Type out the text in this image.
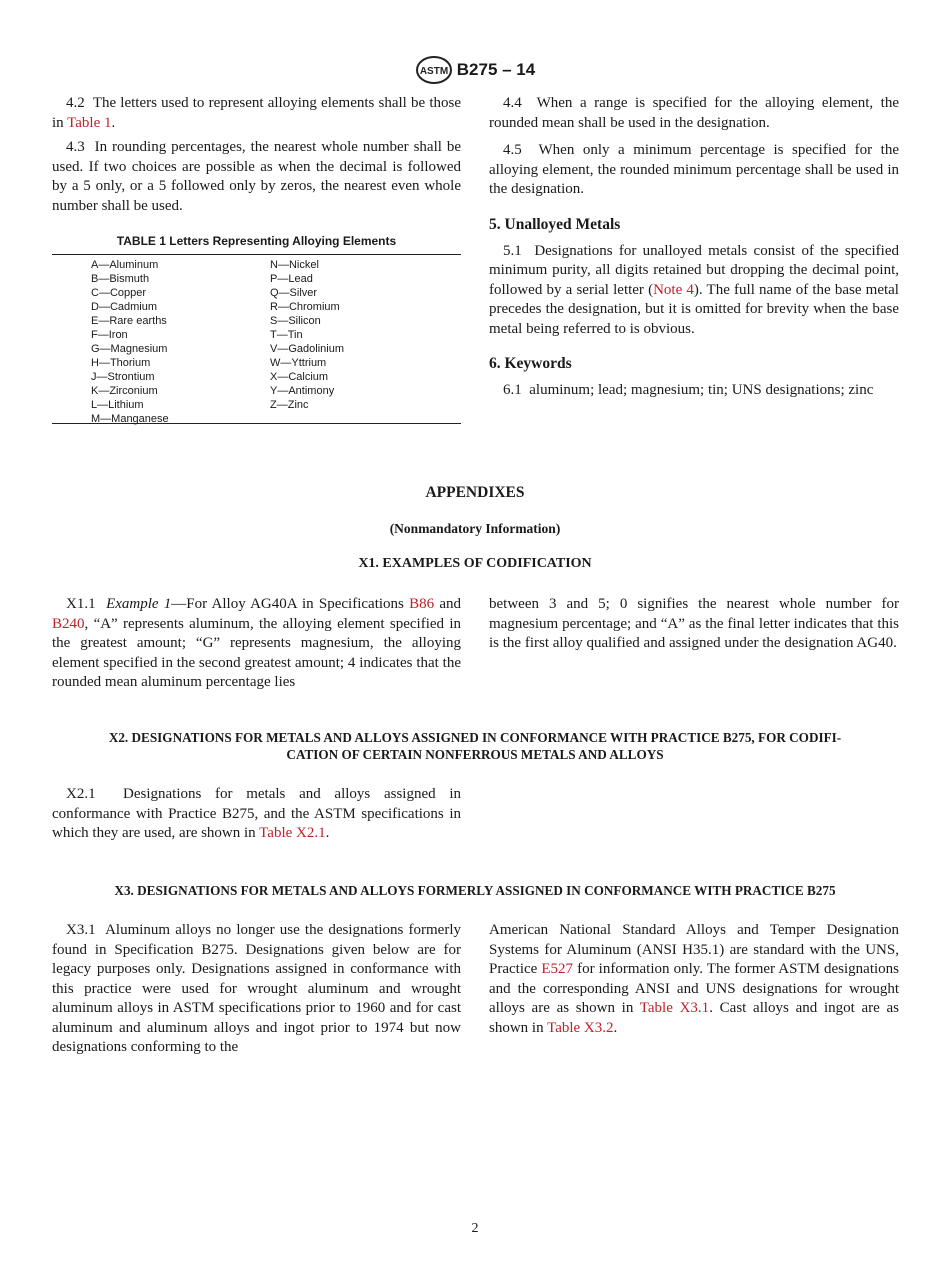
ASTM B275 – 14

4.2 The letters used to represent alloying elements shall be those in Table 1.

4.3 In rounding percentages, the nearest whole number shall be used. If two choices are possible as when the decimal is followed by a 5 only, or a 5 followed only by zeros, the nearest even whole number shall be used.

TABLE 1 Letters Representing Alloying Elements
A—Aluminum
B—Bismuth
C—Copper
D—Cadmium
E—Rare earths
F—Iron
G—Magnesium
H—Thorium
J—Strontium
K—Zirconium
L—Lithium
M—Manganese
N—Nickel
P—Lead
Q—Silver
R—Chromium
S—Silicon
T—Tin
V—Gadolinium
W—Yttrium
X—Calcium
Y—Antimony
Z—Zinc

4.4 When a range is specified for the alloying element, the rounded mean shall be used in the designation.

4.5 When only a minimum percentage is specified for the alloying element, the rounded minimum percentage shall be used in the designation.

5. Unalloyed Metals

5.1 Designations for unalloyed metals consist of the specified minimum purity, all digits retained but dropping the decimal point, followed by a serial letter (Note 4). The full name of the base metal precedes the designation, but it is omitted for brevity when the base metal being referred to is obvious.

6. Keywords

6.1 aluminum; lead; magnesium; tin; UNS designations; zinc

APPENDIXES
(Nonmandatory Information)
X1. EXAMPLES OF CODIFICATION

X1.1 Example 1—For Alloy AG40A in Specifications B86 and B240, “A” represents aluminum, the alloying element specified in the greatest amount; “G” represents magnesium, the alloying element specified in the second greatest amount; 4 indicates that the rounded mean aluminum percentage lies

between 3 and 5; 0 signifies the nearest whole number for magnesium percentage; and “A” as the final letter indicates that this is the first alloy qualified and assigned under the designation AG40.

X2. DESIGNATIONS FOR METALS AND ALLOYS ASSIGNED IN CONFORMANCE WITH PRACTICE B275, FOR CODIFI-
CATION OF CERTAIN NONFERROUS METALS AND ALLOYS

X2.1 Designations for metals and alloys assigned in conformance with Practice B275, and the ASTM specifications in which they are used, are shown in Table X2.1.

X3. DESIGNATIONS FOR METALS AND ALLOYS FORMERLY ASSIGNED IN CONFORMANCE WITH PRACTICE B275

X3.1 Aluminum alloys no longer use the designations formerly found in Specification B275. Designations given below are for legacy purposes only. Designations assigned in conformance with this practice were used for wrought aluminum and wrought aluminum alloys in ASTM specifications prior to 1960 and for cast aluminum and aluminum alloys and ingot prior to 1974 but now designations conforming to the

American National Standard Alloys and Temper Designation Systems for Aluminum (ANSI H35.1) are standard with the UNS, Practice E527 for information only. The former ASTM designations and the corresponding ANSI and UNS designations for wrought alloys are as shown in Table X3.1. Cast alloys and ingot are as shown in Table X3.2.

2
